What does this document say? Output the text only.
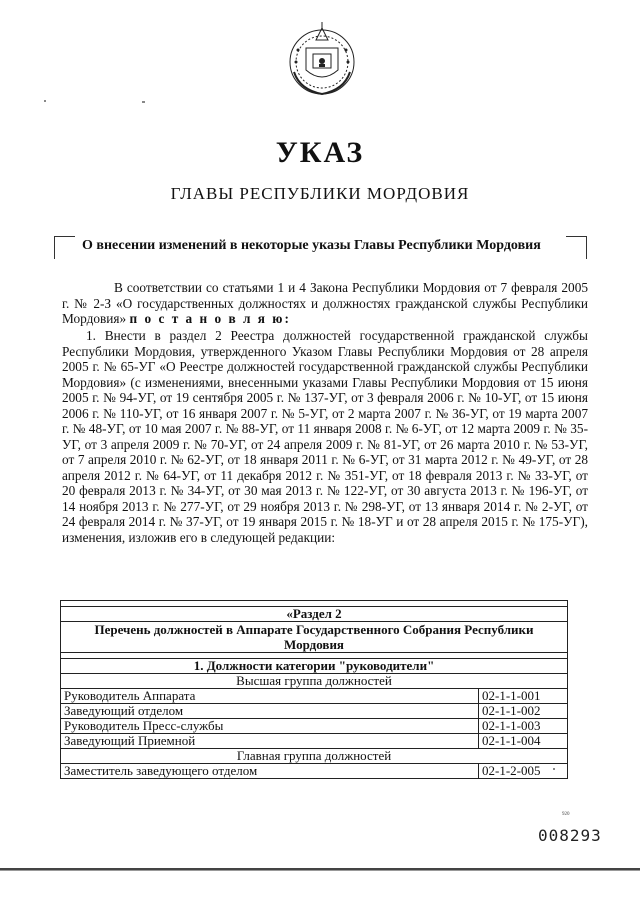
УКАЗ
ГЛАВЫ РЕСПУБЛИКИ МОРДОВИЯ
О внесении изменений в некоторые указы Главы Республики Мордовия
В соответствии со статьями 1 и 4 Закона Республики Мордовия от 7 февраля 2005 г. № 2-З «О государственных должностях и должностях гражданской службы Республики Мордовия» п о с т а н о в л я ю:
1. Внести в раздел 2 Реестра должностей государственной гражданской службы Республики Мордовия, утвержденного Указом Главы Республики Мордовия от 28 апреля 2005 г. № 65-УГ «О Реестре должностей государственной гражданской службы Республики Мордовия» (с изменениями, внесенными указами Главы Республики Мордовия от 15 июня 2005 г. № 94-УГ, от 19 сентября 2005 г. № 137-УГ, от 3 февраля 2006 г. № 10-УГ, от 15 июня 2006 г. № 110-УГ, от 16 января 2007 г. № 5-УГ, от 2 марта 2007 г. № 36-УГ, от 19 марта 2007 г. № 48-УГ, от 10 мая 2007 г. № 88-УГ, от 11 января 2008 г. № 6-УГ, от 12 марта 2009 г. № 35-УГ, от 3 апреля 2009 г. № 70-УГ, от 24 апреля 2009 г. № 81-УГ, от 26 марта 2010 г. № 53-УГ, от 7 апреля 2010 г. № 62-УГ, от 18 января 2011 г. № 6-УГ, от 31 марта 2012 г. № 49-УГ, от 28 апреля 2012 г. № 64-УГ, от 11 декабря 2012 г. № 351-УГ, от 18 февраля 2013 г. № 33-УГ, от 20 февраля 2013 г. № 34-УГ, от 30 мая 2013 г. № 122-УГ, от 30 августа 2013 г. № 196-УГ, от 14 ноября 2013 г. № 277-УГ, от 29 ноября 2013 г. № 298-УГ, от 13 января 2014 г. № 2-УГ, от 24 февраля 2014 г. № 37-УГ, от 19 января 2015 г. № 18-УГ и от 28 апреля 2015 г. № 175-УГ), изменения, изложив его в следующей редакции:

«Раздел 2	
Перечень должностей в Аппарате Государственного Собрания Республики Мордовия	

1. Должности категории "руководители"	
Высшая группа должностей	
Руководитель Аппарата	02-1-1-001
Заведующий отделом	02-1-1-002
Руководитель Пресс-службы	02-1-1-003
Заведующий Приемной	02-1-1-004
Главная группа должностей	
Заместитель заведующего отделом	02-1-2-005
920
008293
